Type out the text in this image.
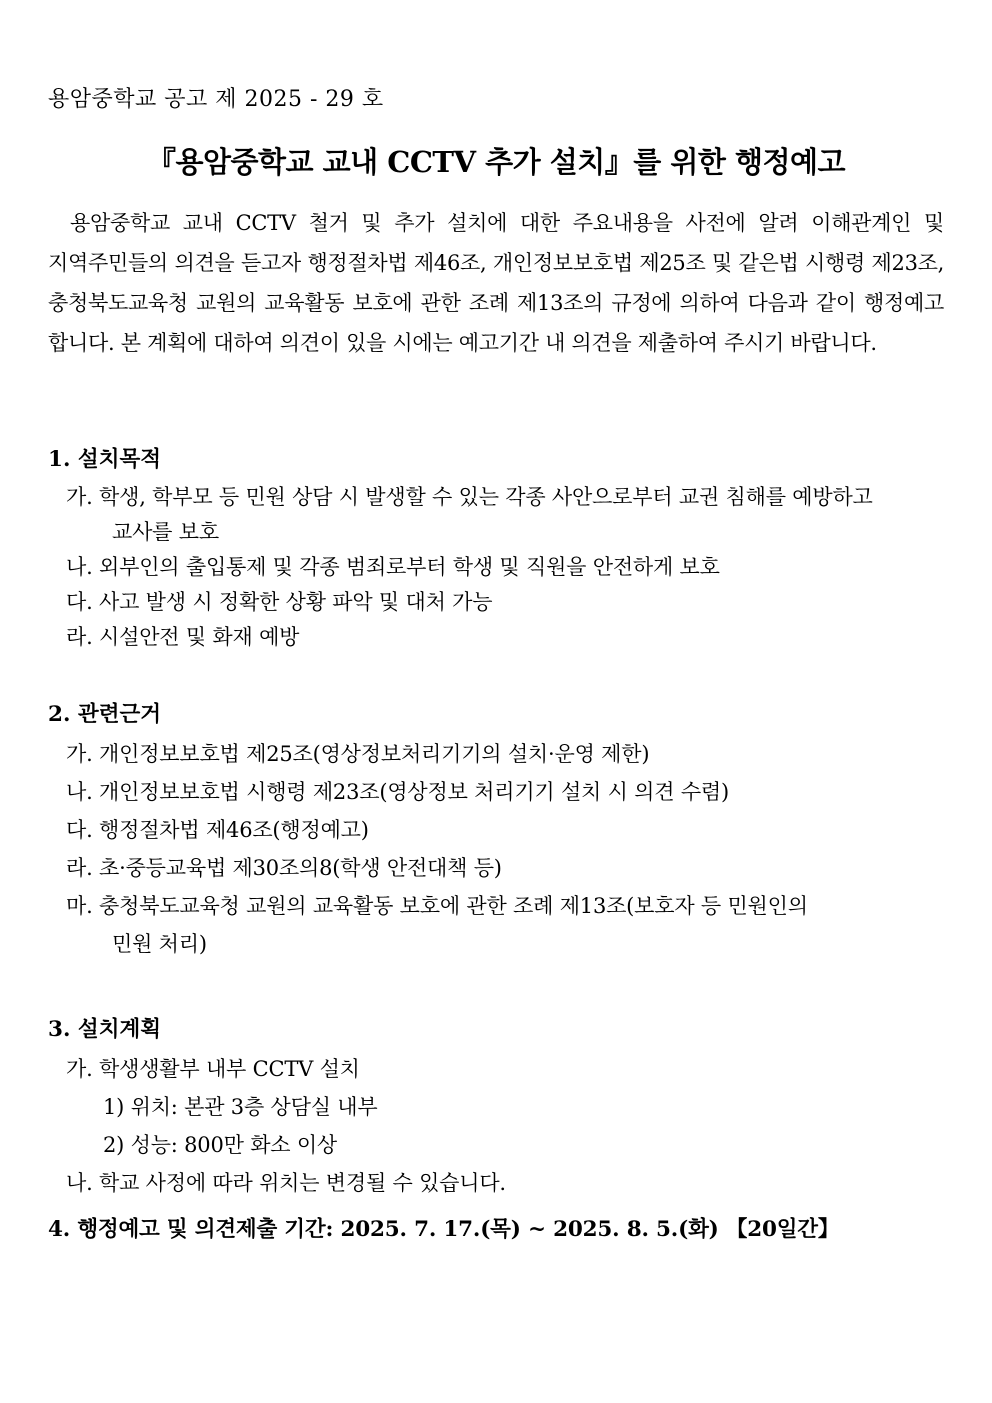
용암중학교 공고 제 2025 - 29 호
『용암중학교 교내 CCTV 추가 설치』를 위한 행정예고
용암중학교 교내 CCTV 철거 및 추가 설치에 대한 주요내용을 사전에 알려 이해관계인 및 지역주민들의 의견을 듣고자 행정절차법 제46조, 개인정보보호법 제25조 및 같은법 시행령 제23조, 충청북도교육청 교원의 교육활동 보호에 관한 조례 제13조의 규정에 의하여 다음과 같이 행정예고 합니다. 본 계획에 대하여 의견이 있을 시에는 예고기간 내 의견을 제출하여 주시기 바랍니다.
1. 설치목적
가. 학생, 학부모 등 민원 상담 시 발생할 수 있는 각종 사안으로부터 교권 침해를 예방하고
교사를 보호
나. 외부인의 출입통제 및 각종 범죄로부터 학생 및 직원을 안전하게 보호
다. 사고 발생 시 정확한 상황 파악 및 대처 가능
라. 시설안전 및 화재 예방
2. 관련근거
가. 개인정보보호법 제25조(영상정보처리기기의 설치·운영 제한)
나. 개인정보보호법 시행령 제23조(영상정보 처리기기 설치 시 의견 수렴)
다. 행정절차법 제46조(행정예고)
라. 초·중등교육법 제30조의8(학생 안전대책 등)
마. 충청북도교육청 교원의 교육활동 보호에 관한 조례 제13조(보호자 등 민원인의
민원 처리)
3. 설치계획
가. 학생생활부 내부 CCTV 설치
1) 위치: 본관 3층 상담실 내부
2) 성능: 800만 화소 이상
나. 학교 사정에 따라 위치는 변경될 수 있습니다.
4. 행정예고 및 의견제출 기간: 2025. 7. 17.(목) ~ 2025. 8. 5.(화) 【20일간】
